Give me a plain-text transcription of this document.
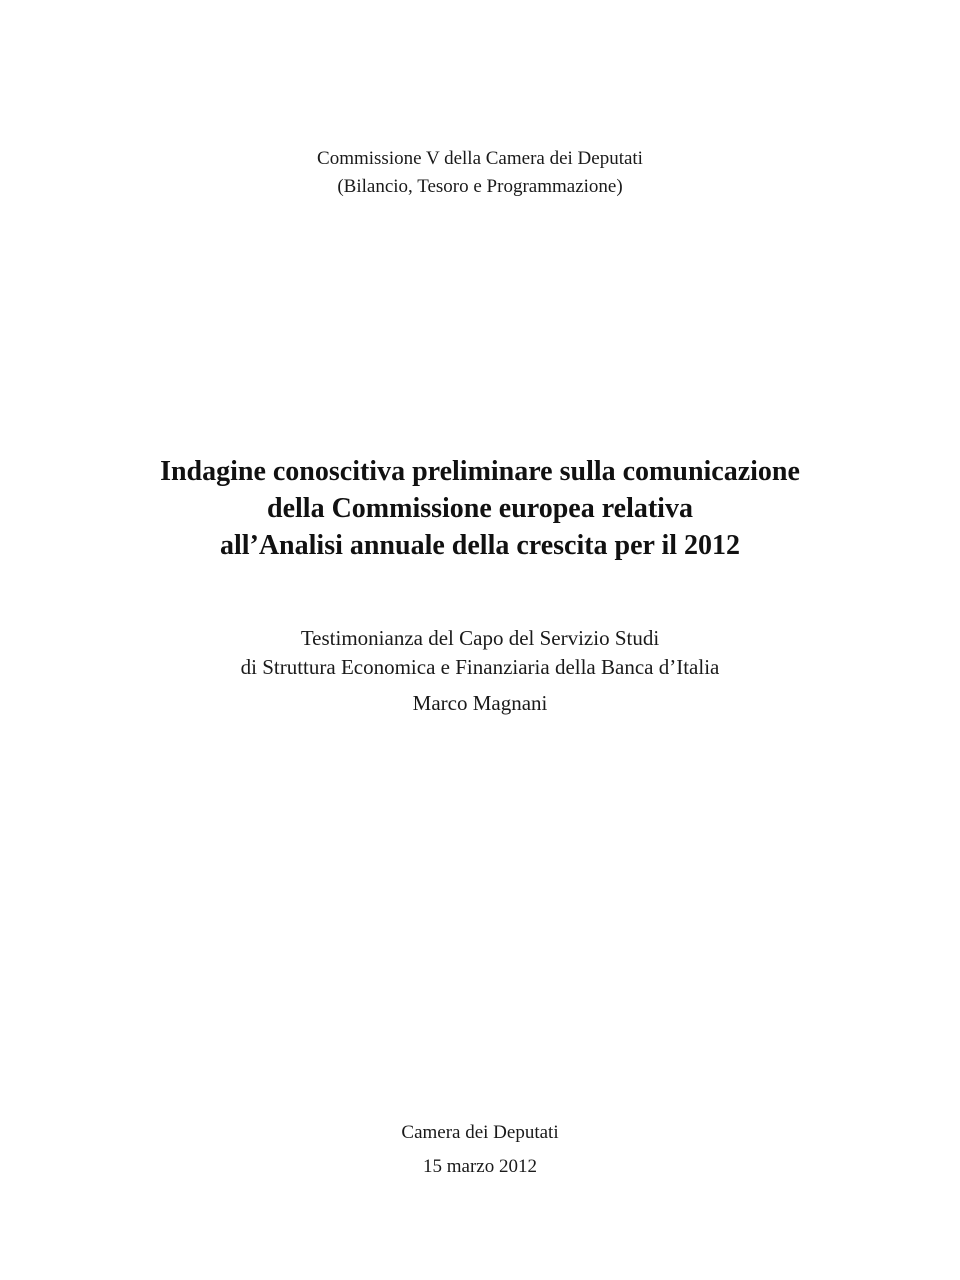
Commissione V della Camera dei Deputati
(Bilancio, Tesoro e Programmazione)
Indagine conoscitiva preliminare sulla comunicazione
della Commissione europea relativa
all’Analisi annuale della crescita per il 2012
Testimonianza del Capo del Servizio Studi
di Struttura Economica e Finanziaria della Banca d’Italia
Marco Magnani
Camera dei Deputati
15 marzo 2012
